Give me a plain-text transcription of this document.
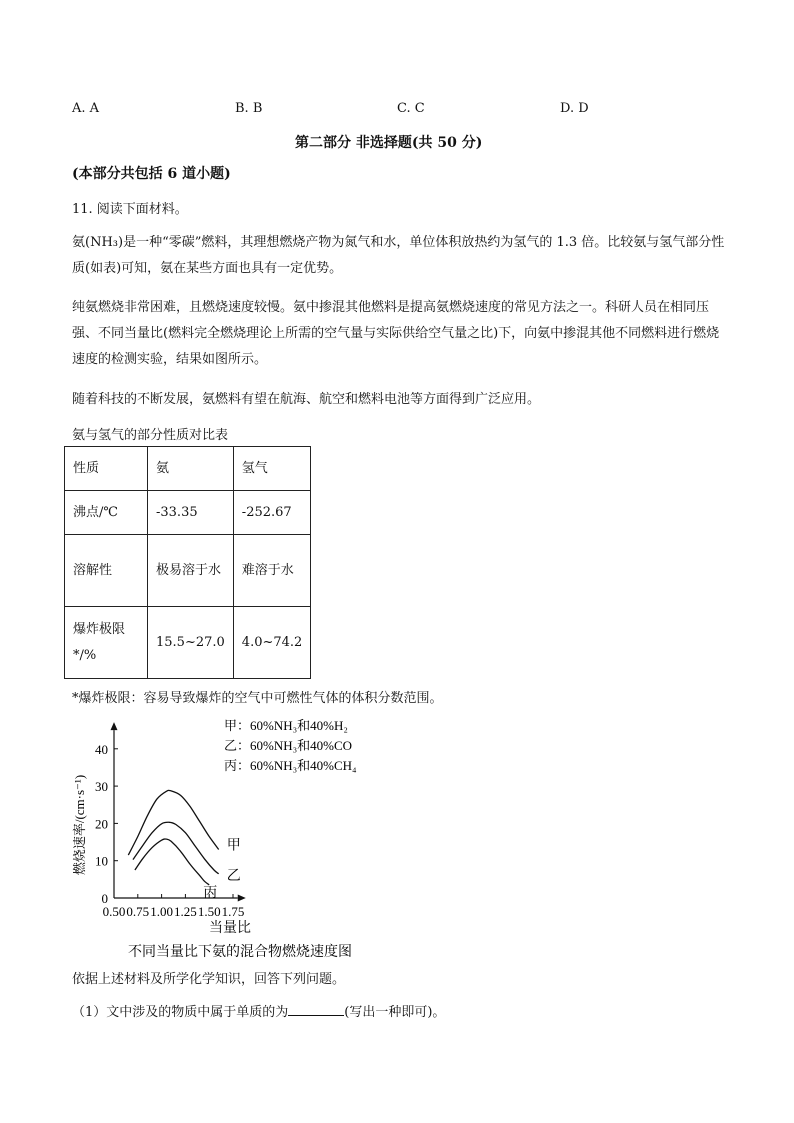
A. A	B. B	C. C	D. D
第二部分 非选择题(共 50 分)
(本部分共包括 6 道小题)
11. 阅读下面材料。

氨(NH₃)是一种“零碳”燃料，其理想燃烧产物为氮气和水，单位体积放热约为氢气的 1.3 倍。比较氨与氢气部分性质(如表)可知，氨在某些方面也具有一定优势。

纯氨燃烧非常困难，且燃烧速度较慢。氨中掺混其他燃料是提高氨燃烧速度的常见方法之一。科研人员在相同压强、不同当量比(燃料完全燃烧理论上所需的空气量与实际供给空气量之比)下，向氨中掺混其他不同燃料进行燃烧速度的检测实验，结果如图所示。

随着科技的不断发展，氨燃料有望在航海、航空和燃料电池等方面得到广泛应用。

氨与氢气的部分性质对比表
性质	氨	氢气
沸点/℃	-33.35	-252.67
溶解性	极易溶于水	难溶于水
爆炸极限*/%	15.5~27.0	4.0~74.2
*爆炸极限：容易导致爆炸的空气中可燃性气体的体积分数范围。
0.50 0.75 1.00 1.25 1.50 1.75
0
10
20
30
40
甲
乙
丙
甲：60%NH₃和40%H₂
乙：60%NH₃和40%CO
丙：60%NH₃和40%CH₄
当量比
燃烧速率/(cm·s⁻¹)
不同当量比下氨的混合物燃烧速度图
依据上述材料及所学化学知识，回答下列问题。
（1）文中涉及的物质中属于单质的为	(写出一种即可)。
